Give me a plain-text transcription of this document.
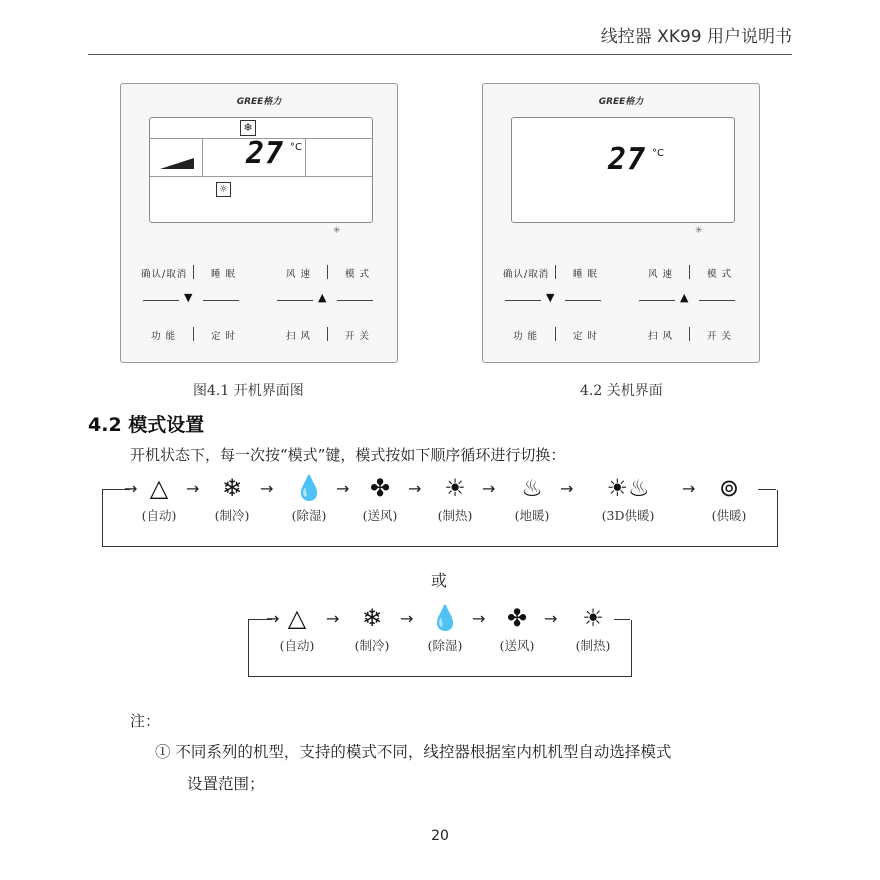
线控器 XK99 用户说明书
GREE格力
❄
27 °C
☼
✳
确认/取消	睡 眠	风 速	模 式
▼	▲
功 能	定 时	扫 风	开 关
图4.1 开机界面图
GREE格力
27 °C
✳
确认/取消	睡 眠	风 速	模 式
▼	▲
功 能	定 时	扫 风	开 关
4.2 关机界面
4.2 模式设置
开机状态下，每一次按“模式”键，模式按如下顺序循环进行切换：
→ △
(自动)
→ ❄
(制冷)
→ 💧
(除湿)
→ ✤
(送风)
→ ☀
(制热)
→	♨
(地暖)
→	☀♨
(3D供暖)
→ ⊚
(供暖)
或
→ △
(自动)
→ ❄
(制冷)
→ 💧
(除湿)
→ ✤
(送风)
→	☀
(制热)
注：
① 不同系列的机型，支持的模式不同，线控器根据室内机机型自动选择模式
设置范围；
20
